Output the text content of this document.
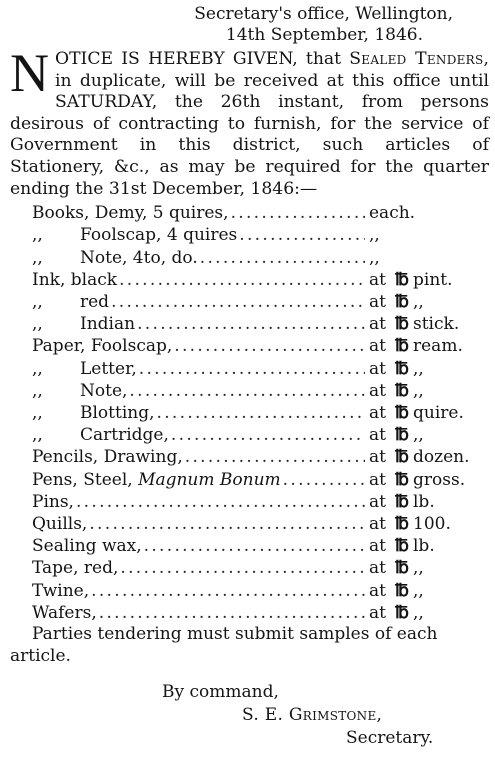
Secretary's office, Wellington,
14th September, 1846.
NOTICE IS HEREBY GIVEN, that Sealed Tenders, in duplicate, will be received at this office until SATURDAY, the 26th instant, from persons desirous of contracting to furnish, for the service of Government in this district, such articles of Stationery, &c., as may be required for the quarter ending the 31st December, 1846:—
Books, Demy, 5 quires, .....	each.
,, Foolscap, 4 quires .....	,,
,, Note, 4to, do. .....	,,
Ink, black .....	at ℔ pint.
,, red .....	at ℔ ,,
,, Indian .....	at ℔ stick.
Paper, Foolscap, .....	at ℔ ream.
,, Letter, .....	at ℔ ,,
,, Note, .....	at ℔ ,,
,, Blotting, .....	at ℔ quire.
,, Cartridge, .....	at ℔ ,,
Pencils, Drawing, .....	at ℔ dozen.
Pens, Steel, Magnum Bonum .....	at ℔ gross.
Pins, .....	at ℔ lb.
Quills, .....	at ℔ 100.
Sealing wax, .....	at ℔ lb.
Tape, red, .....	at ℔ ,,
Twine, .....	at ℔ ,,
Wafers, .....	at ℔ ,,
Parties tendering must submit samples of each
article.
By command,
S. E. Grimstone,
Secretary.
